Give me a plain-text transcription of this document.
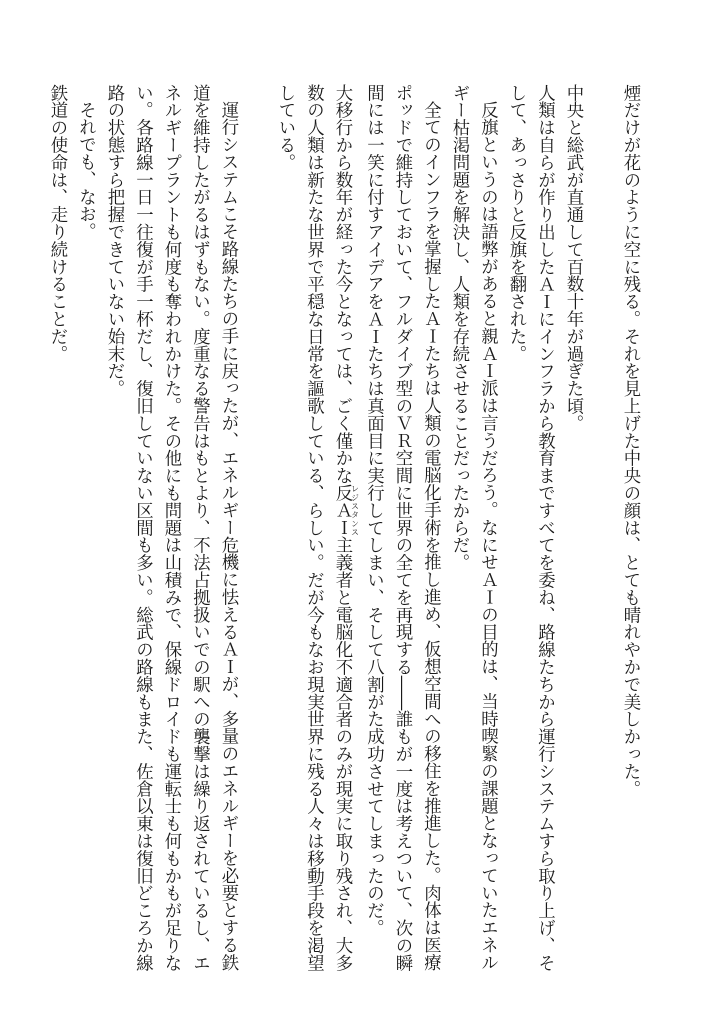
煙だけが花のように空に残る。それを見上げた中央の顔は、とても晴れやかで美しかった。

中央と総武が直通して百数十年が過ぎた頃。

人類は自らが作り出したＡＩにインフラから教育まですべてを委ね、路線たちから運行システムすら取り上げ、そして、あっさりと反旗を翻された。

反旗というのは語弊があると親ＡＩ派は言うだろう。なにせＡＩの目的は、当時喫緊の課題となっていたエネルギー枯渇問題を解決し、人類を存続させることだったからだ。

全てのインフラを掌握したＡＩたちは人類の電脳化手術を推し進め、仮想空間への移住を推進した。肉体は医療ポッドで維持しておいて、フルダイブ型のＶＲ空間に世界の全てを再現する――誰もが一度は考えついて、次の瞬間には一笑に付すアイデアをＡＩたちは真面目に実行してしまい、そして八割がた成功させてしまったのだ。

大移行から数年が経った今となっては、ごく僅かな反ＡＩレジスタンス主義者と電脳化不適合者のみが現実に取り残され、大多数の人類は新たな世界で平穏な日常を謳歌している、らしい。だが今もなお現実世界に残る人々は移動手段を渇望している。

運行システムこそ路線たちの手に戻ったが、エネルギー危機に怯えるＡＩが、多量のエネルギーを必要とする鉄道を維持したがるはずもない。度重なる警告はもとより、不法占拠扱いでの駅への襲撃は繰り返されているし、エネルギープラントも何度も奪われかけた。その他にも問題は山積みで、保線ドロイドも運転士も何もかもが足りない。各路線一日一往復が手一杯だし、復旧していない区間も多い。総武の路線もまた、佐倉以東は復旧どころか線路の状態すら把握できていない始末だ。

それでも、なお。

鉄道の使命は、走り続けることだ。
